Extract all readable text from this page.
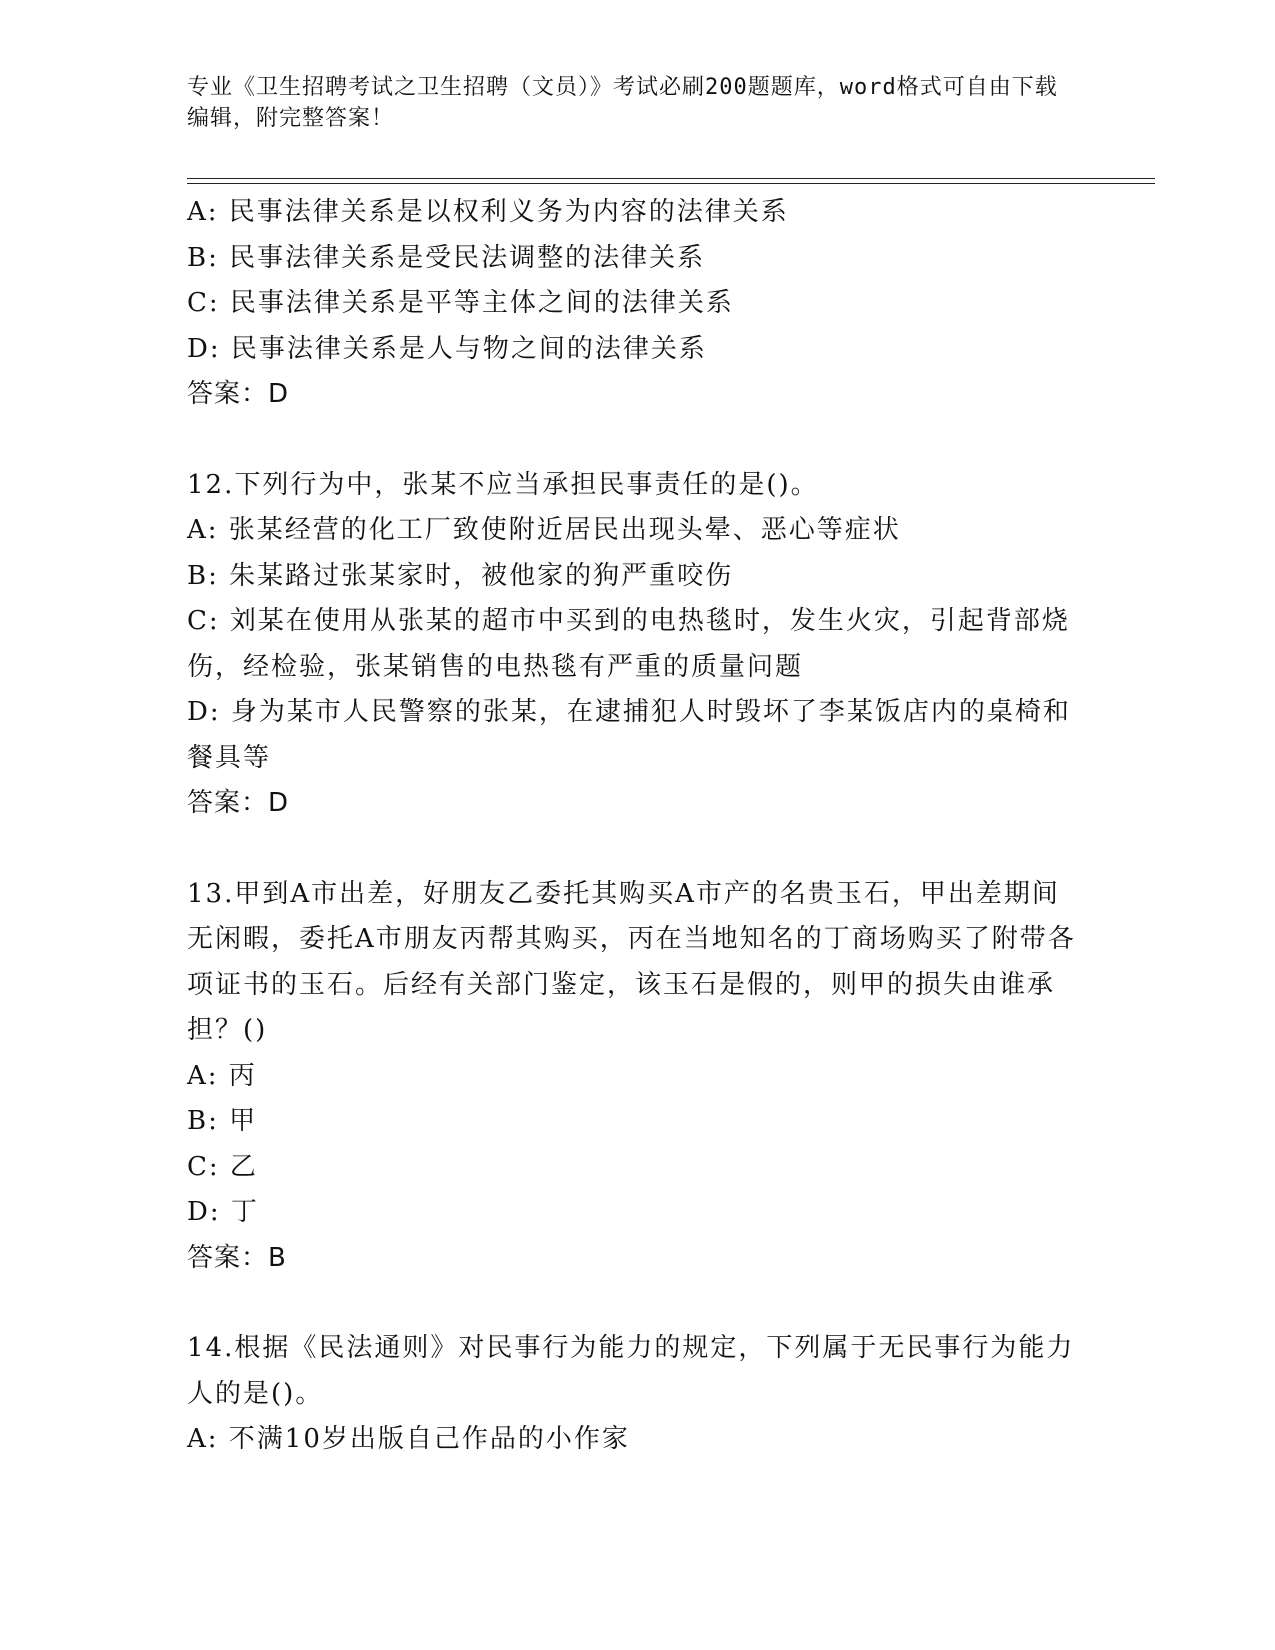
专业《卫生招聘考试之卫生招聘（文员）》考试必刷200题题库，word格式可自由下载编辑，附完整答案！
A: 民事法律关系是以权利义务为内容的法律关系
B: 民事法律关系是受民法调整的法律关系
C: 民事法律关系是平等主体之间的法律关系
D: 民事法律关系是人与物之间的法律关系
答案：D
12.下列行为中，张某不应当承担民事责任的是()。
A: 张某经营的化工厂致使附近居民出现头晕、恶心等症状
B: 朱某路过张某家时，被他家的狗严重咬伤
C: 刘某在使用从张某的超市中买到的电热毯时，发生火灾，引起背部烧伤，经检验，张某销售的电热毯有严重的质量问题
D: 身为某市人民警察的张某，在逮捕犯人时毁坏了李某饭店内的桌椅和餐具等
答案：D
13.甲到A市出差，好朋友乙委托其购买A市产的名贵玉石，甲出差期间无闲暇，委托A市朋友丙帮其购买，丙在当地知名的丁商场购买了附带各项证书的玉石。后经有关部门鉴定，该玉石是假的，则甲的损失由谁承担？()
A: 丙
B: 甲
C: 乙
D: 丁
答案：B
14.根据《民法通则》对民事行为能力的规定，下列属于无民事行为能力人的是()。
A: 不满10岁出版自己作品的小作家
